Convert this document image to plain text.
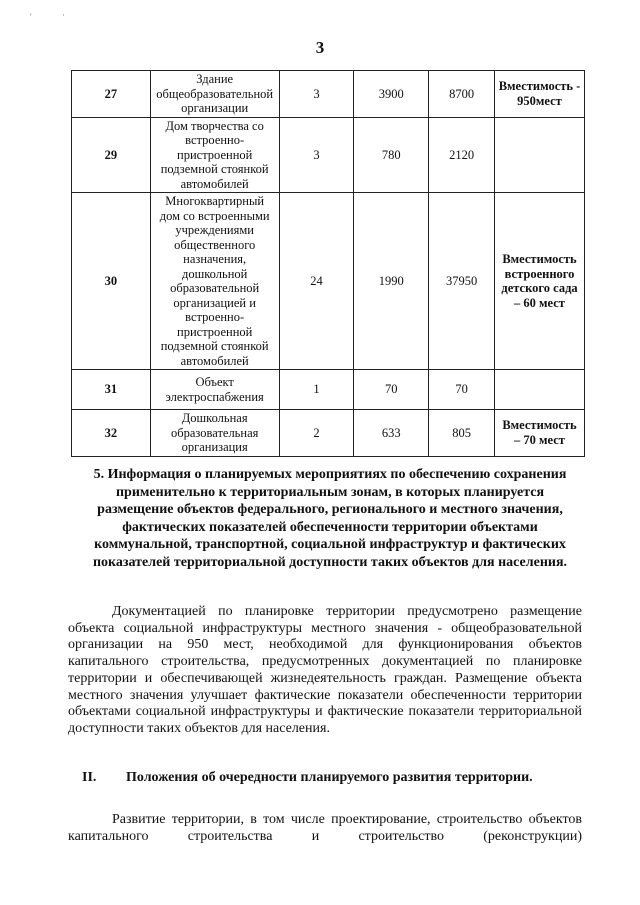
'	·
3
27	Здание общеобразовательной организации	3	3900	8700	Вместимость - 950мест
29	Дом творчества со встроенно-пристроенной подземной стоянкой автомобилей	3	780	2120	
30	Многоквартирный дом со встроенными учреждениями общественного назначения, дошкольной образовательной организацией и встроенно-пристроенной подземной стоянкой автомобилей	24	1990	37950	Вместимость встроенного детского сада – 60 мест
31	Объект электроспабжения	1	70	70	
32	Дошкольная образовательная организация	2	633	805	Вместимость – 70 мест

5. Информация о планируемых мероприятиях по обеспечению сохранения применительно к территориальным зонам, в которых планируется размещение объектов федерального, регионального и местного значения, фактических показателей обеспеченности территории объектами коммунальной, транспортной, социальной инфраструктур и фактических показателей территориальной доступности таких объектов для населения.

Документацией по планировке территории предусмотрено размещение объекта социальной инфраструктуры местного значения - общеобразовательной организации на 950 мест, необходимой для функционирования объектов капитального строительства, предусмотренных документацией по планировке территории и обеспечивающей жизнедеятельность граждан. Размещение объекта местного значения улучшает фактические показатели обеспеченности территории объектами социальной инфраструктуры и фактические показатели территориальной доступности таких объектов для населения.

II. Положения об очередности планируемого развития территории.

Развитие территории, в том числе проектирование, строительство объектов капитального строительства и строительство (реконструкции)
